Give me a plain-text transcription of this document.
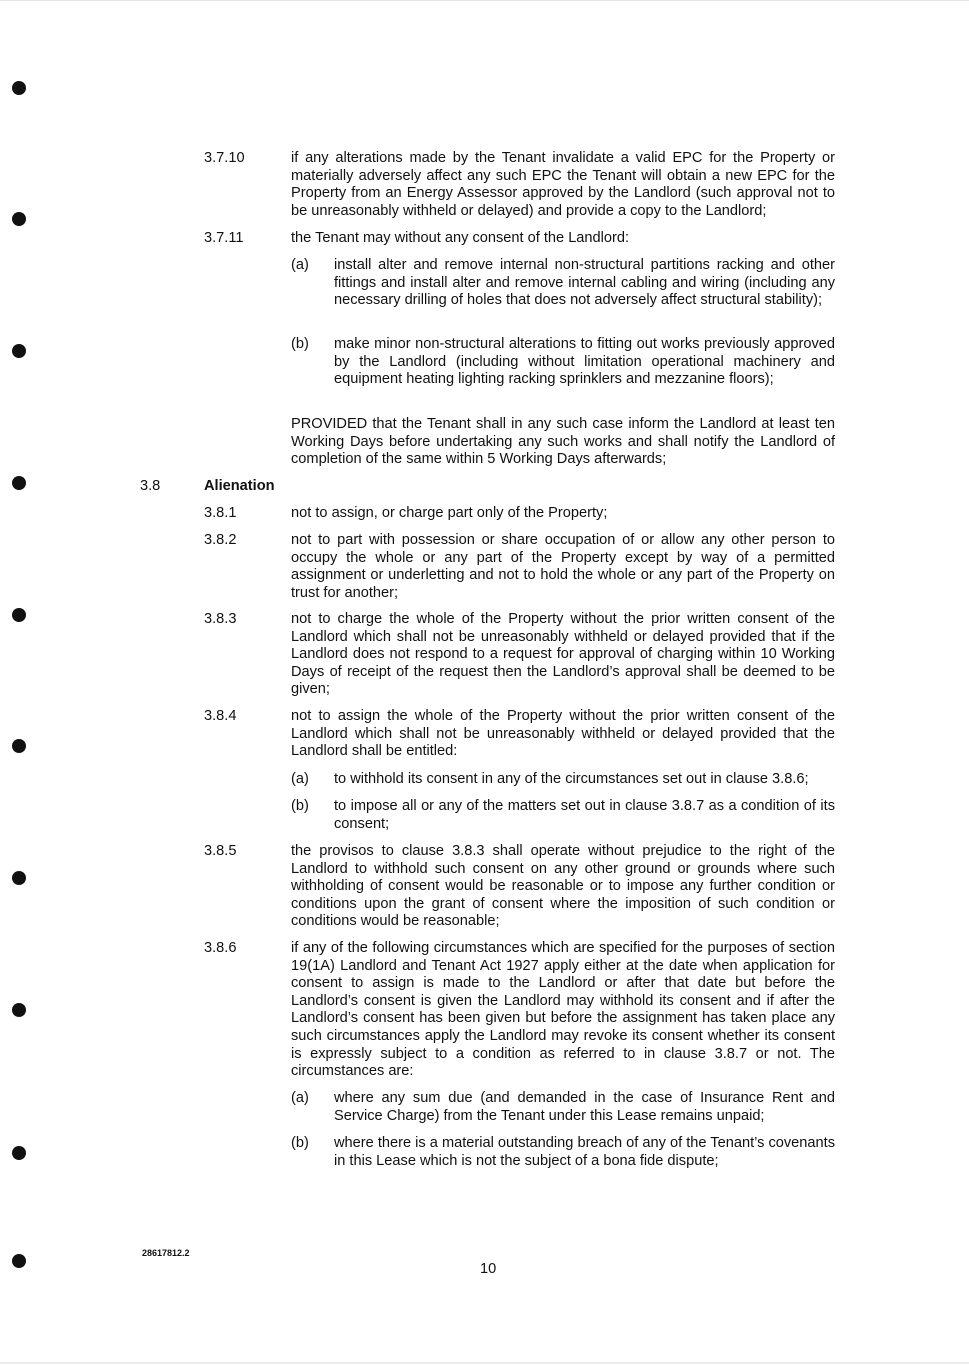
3.7.10	if any alterations made by the Tenant invalidate a valid EPC for the Property or materially adversely affect any such EPC the Tenant will obtain a new EPC for the Property from an Energy Assessor approved by the Landlord (such approval not to be unreasonably withheld or delayed) and provide a copy to the Landlord;
3.7.11	the Tenant may without any consent of the Landlord:
(a) install alter and remove internal non-structural partitions racking and other fittings and install alter and remove internal cabling and wiring (including any necessary drilling of holes that does not adversely affect structural stability);
(b) make minor non-structural alterations to fitting out works previously approved by the Landlord (including without limitation operational machinery and equipment heating lighting racking sprinklers and mezzanine floors);
PROVIDED that the Tenant shall in any such case inform the Landlord at least ten Working Days before undertaking any such works and shall notify the Landlord of completion of the same within 5 Working Days afterwards;
3.8	Alienation
3.8.1	not to assign, or charge part only of the Property;
3.8.2	not to part with possession or share occupation of or allow any other person to occupy the whole or any part of the Property except by way of a permitted assignment or underletting and not to hold the whole or any part of the Property on trust for another;
3.8.3	not to charge the whole of the Property without the prior written consent of the Landlord which shall not be unreasonably withheld or delayed provided that if the Landlord does not respond to a request for approval of charging within 10 Working Days of receipt of the request then the Landlord’s approval shall be deemed to be given;
3.8.4	not to assign the whole of the Property without the prior written consent of the Landlord which shall not be unreasonably withheld or delayed provided that the Landlord shall be entitled:
(a) to withhold its consent in any of the circumstances set out in clause 3.8.6;
(b) to impose all or any of the matters set out in clause 3.8.7 as a condition of its consent;
3.8.5	the provisos to clause 3.8.3 shall operate without prejudice to the right of the Landlord to withhold such consent on any other ground or grounds where such withholding of consent would be reasonable or to impose any further condition or conditions upon the grant of consent where the imposition of such condition or conditions would be reasonable;
3.8.6	if any of the following circumstances which are specified for the purposes of section 19(1A) Landlord and Tenant Act 1927 apply either at the date when application for consent to assign is made to the Landlord or after that date but before the Landlord’s consent is given the Landlord may withhold its consent and if after the Landlord’s consent has been given but before the assignment has taken place any such circumstances apply the Landlord may revoke its consent whether its consent is expressly subject to a condition as referred to in clause 3.8.7 or not. The circumstances are:
(a) where any sum due (and demanded in the case of Insurance Rent and Service Charge) from the Tenant under this Lease remains unpaid;
(b) where there is a material outstanding breach of any of the Tenant’s covenants in this Lease which is not the subject of a bona fide dispute;
28617812.2
10
